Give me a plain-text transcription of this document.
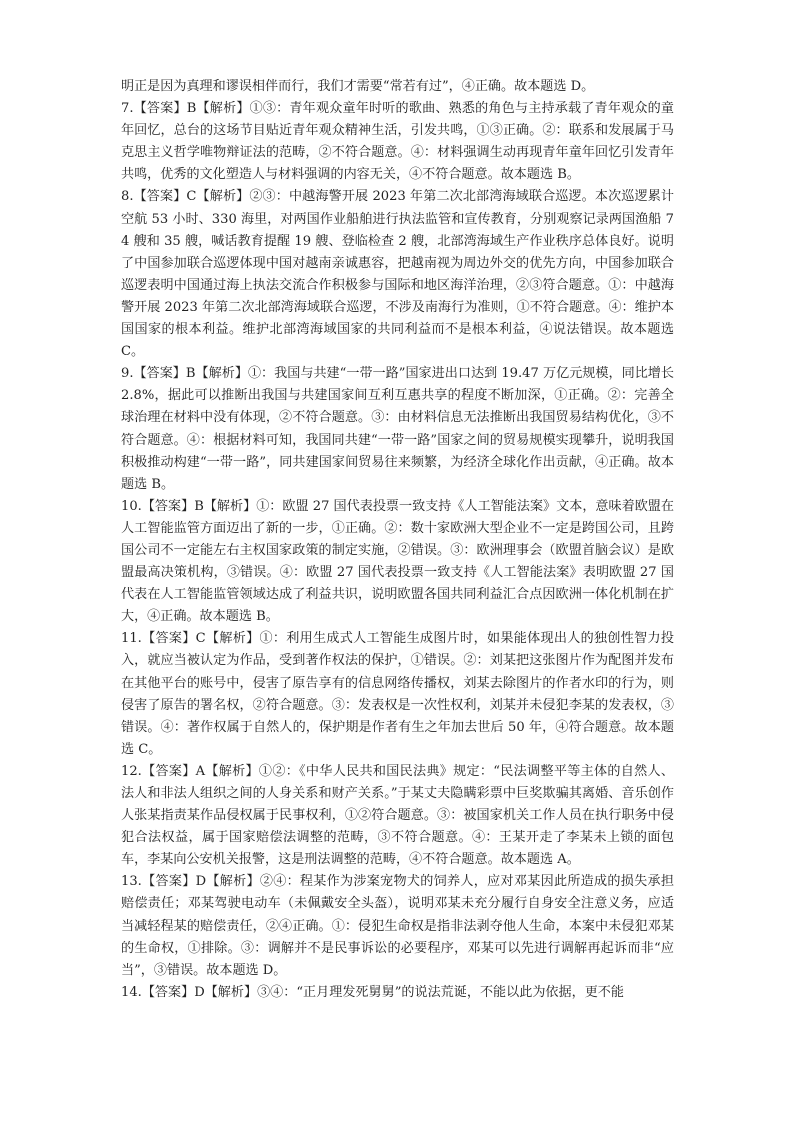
明正是因为真理和谬误相伴而行，我们才需要“常若有过”，④正确。故本题选 D。

7.【答案】B【解析】①③：青年观众童年时听的歌曲、熟悉的角色与主持承载了青年观众的童年回忆，总台的这场节目贴近青年观众精神生活，引发共鸣，①③正确。②：联系和发展属于马克思主义哲学唯物辩证法的范畴，②不符合题意。④：材料强调生动再现青年童年回忆引发青年共鸣，优秀的文化塑造人与材料强调的内容无关，④不符合题意。故本题选 B。

8.【答案】C【解析】②③：中越海警开展 2023 年第二次北部湾海域联合巡逻。本次巡逻累计空航 53 小时、330 海里，对两国作业船舶进行执法监管和宣传教育，分别观察记录两国渔船 74 艘和 35 艘，喊话教育提醒 19 艘、登临检查 2 艘，北部湾海域生产作业秩序总体良好。说明了中国参加联合巡逻体现中国对越南亲诚惠容，把越南视为周边外交的优先方向，中国参加联合巡逻表明中国通过海上执法交流合作积极参与国际和地区海洋治理，②③符合题意。①：中越海警开展 2023 年第二次北部湾海域联合巡逻，不涉及南海行为准则，①不符合题意。④：维护本国国家的根本利益。维护北部湾海域国家的共同利益而不是根本利益，④说法错误。故本题选 C。

9.【答案】B【解析】①：我国与共建“一带一路”国家进出口达到 19.47 万亿元规模，同比增长 2.8%，据此可以推断出我国与共建国家间互利互惠共享的程度不断加深，①正确。②：完善全球治理在材料中没有体现，②不符合题意。③：由材料信息无法推断出我国贸易结构优化，③不符合题意。④：根据材料可知，我国同共建“一带一路”国家之间的贸易规模实现攀升，说明我国积极推动构建“一带一路”，同共建国家间贸易往来频繁，为经济全球化作出贡献，④正确。故本题选 B。

10.【答案】B【解析】①：欧盟 27 国代表投票一致支持《人工智能法案》文本，意味着欧盟在人工智能监管方面迈出了新的一步，①正确。②：数十家欧洲大型企业不一定是跨国公司，且跨国公司不一定能左右主权国家政策的制定实施，②错误。③：欧洲理事会（欧盟首脑会议）是欧盟最高决策机构，③错误。④：欧盟 27 国代表投票一致支持《人工智能法案》表明欧盟 27 国代表在人工智能监管领域达成了利益共识，说明欧盟各国共同利益汇合点因欧洲一体化机制在扩大，④正确。故本题选 B。

11.【答案】C【解析】①：利用生成式人工智能生成图片时，如果能体现出人的独创性智力投入，就应当被认定为作品，受到著作权法的保护，①错误。②：刘某把这张图片作为配图并发布在其他平台的账号中，侵害了原告享有的信息网络传播权，刘某去除图片的作者水印的行为，则侵害了原告的署名权，②符合题意。③：发表权是一次性权利，刘某并未侵犯李某的发表权，③错误。④：著作权属于自然人的，保护期是作者有生之年加去世后 50 年，④符合题意。故本题选 C。

12.【答案】A【解析】①②：《中华人民共和国民法典》规定：“民法调整平等主体的自然人、法人和非法人组织之间的人身关系和财产关系。”于某丈夫隐瞒彩票中巨奖欺骗其离婚、音乐创作人张某指责某作品侵权属于民事权利，①②符合题意。③：被国家机关工作人员在执行职务中侵犯合法权益，属于国家赔偿法调整的范畴，③不符合题意。④：王某开走了李某未上锁的面包车，李某向公安机关报警，这是刑法调整的范畴，④不符合题意。故本题选 A。

13.【答案】D【解析】②④：程某作为涉案宠物犬的饲养人，应对邓某因此所造成的损失承担赔偿责任；邓某驾驶电动车（未佩戴安全头盔），说明邓某未充分履行自身安全注意义务，应适当减轻程某的赔偿责任，②④正确。①：侵犯生命权是指非法剥夺他人生命，本案中未侵犯邓某的生命权，①排除。③：调解并不是民事诉讼的必要程序，邓某可以先进行调解再起诉而非“应当”，③错误。故本题选 D。

14.【答案】D【解析】③④：“正月理发死舅舅”的说法荒诞，不能以此为依据，更不能
